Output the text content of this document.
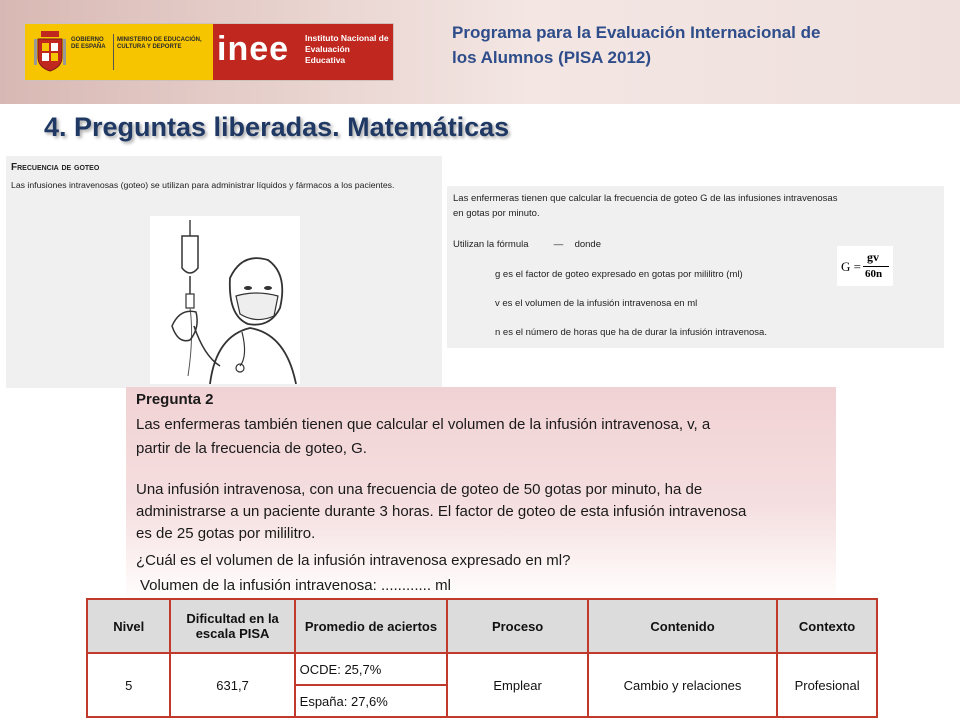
GOBIERNO DE ESPAÑA
MINISTERIO DE EDUCACIÓN, CULTURA Y DEPORTE	inee Instituto Nacional de Evaluación Educativa
Programa para la Evaluación Internacional de
los Alumnos (PISA 2012)
4. Preguntas liberadas. Matemáticas
Frecuencia de goteo
Las infusiones intravenosas (goteo) se utilizan para administrar líquidos y fármacos a los pacientes.
Las enfermeras tienen que calcular la frecuencia de goteo G de las infusiones intravenosas
en gotas por minuto.
Utilizan la fórmula	— donde
G =
gv
60n
g es el factor de goteo expresado en gotas por mililitro (ml)
v es el volumen de la infusión intravenosa en ml
n es el número de horas que ha de durar la infusión intravenosa.
Pregunta 2
Las enfermeras también tienen que calcular el volumen de la infusión intravenosa, v, a
partir de la frecuencia de goteo, G.
Una infusión intravenosa, con una frecuencia de goteo de 50 gotas por minuto, ha de
administrarse a un paciente durante 3 horas. El factor de goteo de esta infusión intravenosa
es de 25 gotas por mililitro.
¿Cuál es el volumen de la infusión intravenosa expresado en ml?
Volumen de la infusión intravenosa: ............ ml
Nivel	Dificultad en la escala PISA	Promedio de aciertos	Proceso	Contenido	Contexto
5	631,7	OCDE: 25,7%	Emplear	Cambio y relaciones	Profesional
		España: 27,6%			
